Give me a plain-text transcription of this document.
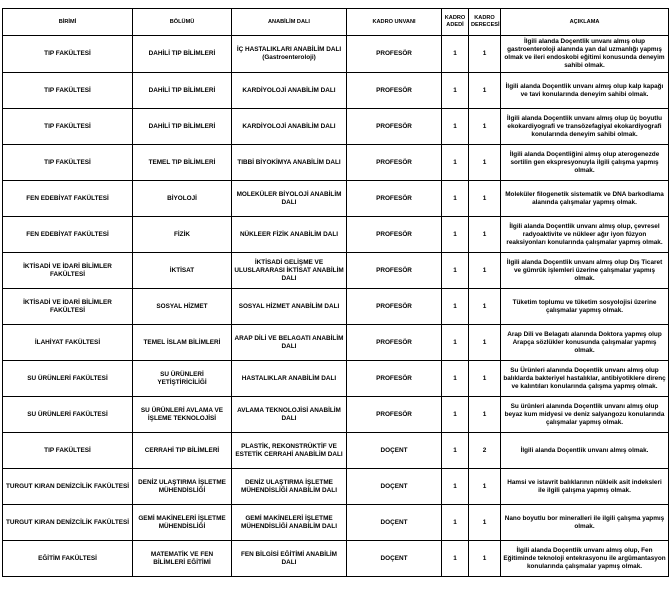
BİRİMİ	BÖLÜMÜ	ANABİLİM DALI	KADRO UNVANI	KADRO ADEDİ	KADRO DERECESİ	AÇIKLAMA
TIP FAKÜLTESİ	DAHİLİ TIP BİLİMLERİ	İÇ HASTALIKLARI ANABİLİM DALI (Gastroenteroloji)	PROFESÖR	1	1	İlgili alanda Doçentlik unvanı almış olup gastroenteroloji alanında yan dal uzmanlığı yapmış olmak ve ileri endoskobi eğitimi konusunda deneyim sahibi olmak.
TIP FAKÜLTESİ	DAHİLİ TIP BİLİMLERİ	KARDİYOLOJİ ANABİLİM DALI	PROFESÖR	1	1	İlgili alanda Doçentlik unvanı almış olup kalp kapağı ve tavi konularında deneyim sahibi olmak.
TIP FAKÜLTESİ	DAHİLİ TIP BİLİMLERİ	KARDİYOLOJİ ANABİLİM DALI	PROFESÖR	1	1	İlgili alanda Doçentlik unvanı almış olup üç boyutlu ekokardiyografi ve transözefagiyal ekokardiyografi konularında deneyim sahibi olmak.
TIP FAKÜLTESİ	TEMEL TIP BİLİMLERİ	TIBBİ BİYOKİMYA ANABİLİM DALI	PROFESÖR	1	1	İlgili alanda Doçentliğini almış olup aterogenezde sortilin gen ekspresyonuyla ilgili çalışma yapmış olmak.
FEN EDEBİYAT FAKÜLTESİ	BİYOLOJİ	MOLEKÜLER BİYOLOJİ ANABİLİM DALI	PROFESÖR	1	1	Moleküler filogenetik sistematik ve DNA barkodlama alanında çalışmalar yapmış olmak.
FEN EDEBİYAT FAKÜLTESİ	FİZİK	NÜKLEER FİZİK ANABİLİM DALI	PROFESÖR	1	1	İlgili alanda Doçentlik unvanı almış olup, çevresel radyoaktivite ve nükleer ağır iyon füzyon reaksiyonları konularında çalışmalar yapmış olmak.
İKTİSADİ VE İDARİ BİLİMLER FAKÜLTESİ	İKTİSAT	İKTİSADİ GELİŞME VE ULUSLARARASI İKTİSAT ANABİLİM DALI	PROFESÖR	1	1	İlgili alanda Doçentlik unvanı almış olup Dış Ticaret ve gümrük işlemleri üzerine çalışmalar yapmış olmak.
İKTİSADİ VE İDARİ BİLİMLER FAKÜLTESİ	SOSYAL HİZMET	SOSYAL HİZMET ANABİLİM DALI	PROFESÖR	1	1	Tüketim toplumu ve tüketim sosyolojisi üzerine çalışmalar yapmış olmak.
İLAHİYAT FAKÜLTESİ	TEMEL İSLAM BİLİMLERİ	ARAP DİLİ VE BELAGATI ANABİLİM DALI	PROFESÖR	1	1	Arap Dili ve Belagatı alanında Doktora yapmış olup Arapça sözlükler konusunda çalışmalar yapmış olmak.
SU ÜRÜNLERİ FAKÜLTESİ	SU ÜRÜNLERİ YETİŞTİRİCİLİĞİ	HASTALIKLAR ANABİLİM DALI	PROFESÖR	1	1	Su Ürünleri alanında Doçentlik unvanı almış olup balıklarda bakteriyel hastalıklar, antibiyotiklere direnç ve kalıntıları konularında çalışma yapmış olmak.
SU ÜRÜNLERİ FAKÜLTESİ	SU ÜRÜNLERİ AVLAMA VE İŞLEME TEKNOLOJİSİ	AVLAMA TEKNOLOJİSİ ANABİLİM DALI	PROFESÖR	1	1	Su ürünleri alanında Doçentlik unvanı almış olup beyaz kum midyesi ve deniz salyangozu konularında çalışmalar yapmış olmak.
TIP FAKÜLTESİ	CERRAHİ TIP BİLİMLERİ	PLASTİK, REKONSTRÜKTİF VE ESTETİK CERRAHİ ANABİLİM DALI	DOÇENT	1	2	İlgili alanda Doçentlik unvanı almış olmak.
TURGUT KIRAN DENİZCİLİK FAKÜLTESİ	DENİZ ULAŞTIRMA İŞLETME MÜHENDİSLİĞİ	DENİZ ULAŞTIRMA İŞLETME MÜHENDİSLİĞİ ANABİLİM DALI	DOÇENT	1	1	Hamsi ve istavrit balıklarının nükleik asit indeksleri ile ilgili çalışma yapmış olmak.
TURGUT KIRAN DENİZCİLİK FAKÜLTESİ	GEMİ MAKİNELERİ İŞLETME MÜHENDİSLİĞİ	GEMİ MAKİNELERİ İŞLETME MÜHENDİSLİĞİ ANABİLİM DALI	DOÇENT	1	1	Nano boyutlu bor mineralleri ile ilgili çalışma yapmış olmak.
EĞİTİM FAKÜLTESİ	MATEMATİK VE FEN BİLİMLERİ EĞİTİMİ	FEN BİLGİSİ EĞİTİMİ ANABİLİM DALI	DOÇENT	1	1	İlgili alanda Doçentlik unvanı almış olup, Fen Eğitiminde teknoloji entekrasyonu ile argümantasyon konularında çalışmalar yapmış olmak.
